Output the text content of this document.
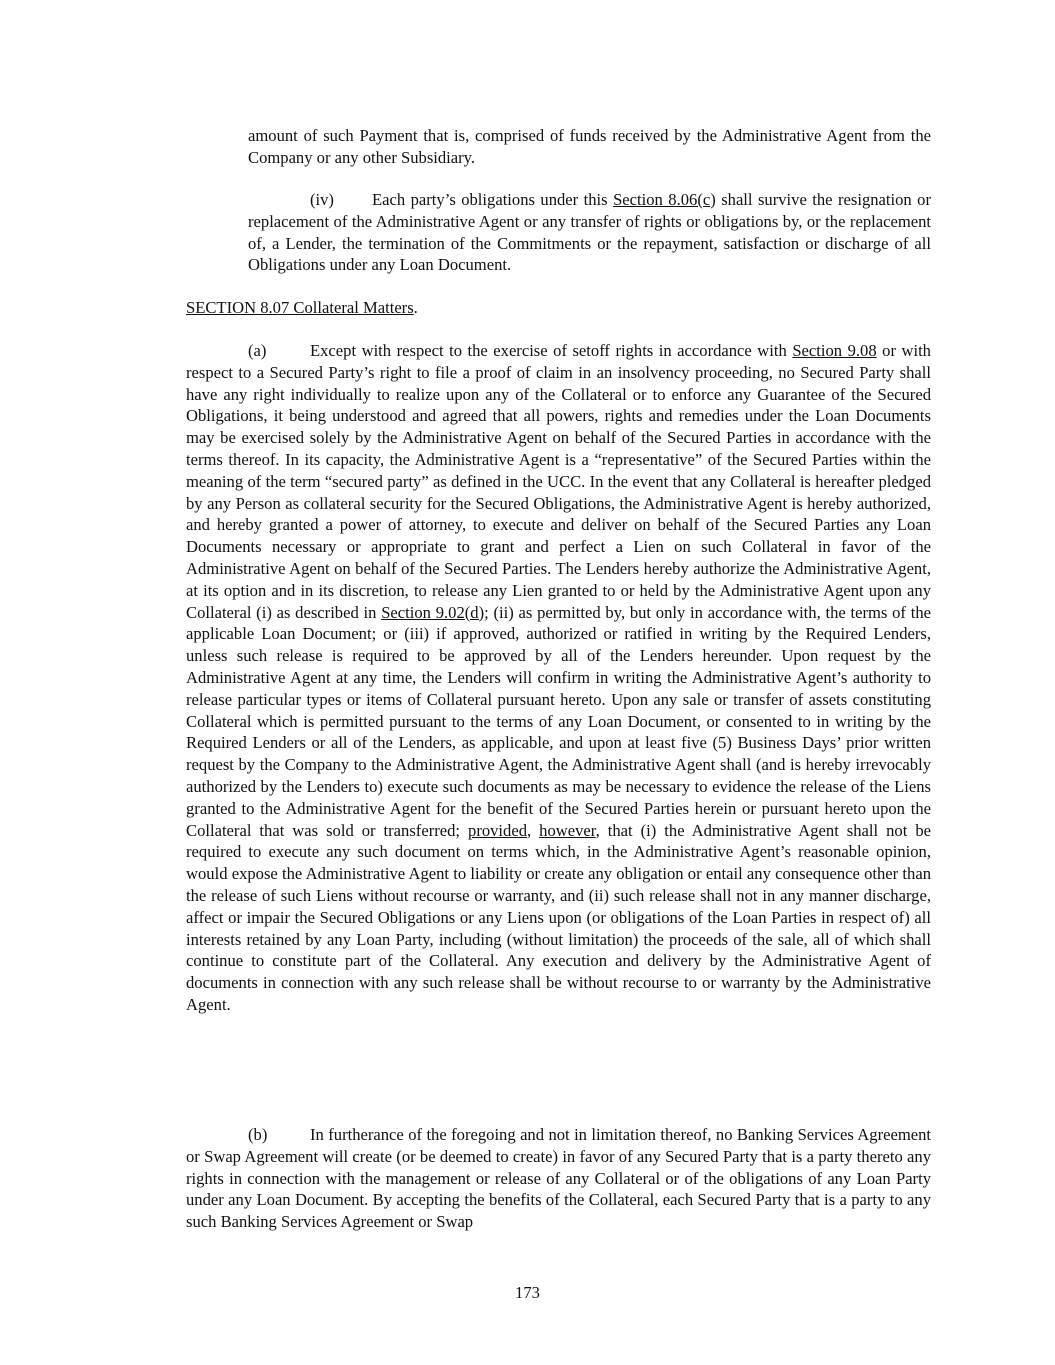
amount of such Payment that is, comprised of funds received by the Administrative Agent from the Company or any other Subsidiary.

(iv) Each party’s obligations under this Section 8.06(c) shall survive the resignation or replacement of the Administrative Agent or any transfer of rights or obligations by, or the replacement of, a Lender, the termination of the Commitments or the repayment, satisfaction or discharge of all Obligations under any Loan Document.

SECTION 8.07 Collateral Matters.

(a)	Except with respect to the exercise of setoff rights in accordance with Section 9.08 or with respect to a Secured Party’s right to file a proof of claim in an insolvency proceeding, no Secured Party shall have any right individually to realize upon any of the Collateral or to enforce any Guarantee of the Secured Obligations, it being understood and agreed that all powers, rights and remedies under the Loan Documents may be exercised solely by the Administrative Agent on behalf of the Secured Parties in accordance with the terms thereof. In its capacity, the Administrative Agent is a “representative” of the Secured Parties within the meaning of the term “secured party” as defined in the UCC. In the event that any Collateral is hereafter pledged by any Person as collateral security for the Secured Obligations, the Administrative Agent is hereby authorized, and hereby granted a power of attorney, to execute and deliver on behalf of the Secured Parties any Loan Documents necessary or appropriate to grant and perfect a Lien on such Collateral in favor of the Administrative Agent on behalf of the Secured Parties. The Lenders hereby authorize the Administrative Agent, at its option and in its discretion, to release any Lien granted to or held by the Administrative Agent upon any Collateral (i) as described in Section 9.02(d); (ii) as permitted by, but only in accordance with, the terms of the applicable Loan Document; or (iii) if approved, authorized or ratified in writing by the Required Lenders, unless such release is required to be approved by all of the Lenders hereunder. Upon request by the Administrative Agent at any time, the Lenders will confirm in writing the Administrative Agent’s authority to release particular types or items of Collateral pursuant hereto. Upon any sale or transfer of assets constituting Collateral which is permitted pursuant to the terms of any Loan Document, or consented to in writing by the Required Lenders or all of the Lenders, as applicable, and upon at least five (5) Business Days’ prior written request by the Company to the Administrative Agent, the Administrative Agent shall (and is hereby irrevocably authorized by the Lenders to) execute such documents as may be necessary to evidence the release of the Liens granted to the Administrative Agent for the benefit of the Secured Parties herein or pursuant hereto upon the Collateral that was sold or transferred; provided, however, that (i) the Administrative Agent shall not be required to execute any such document on terms which, in the Administrative Agent’s reasonable opinion, would expose the Administrative Agent to liability or create any obligation or entail any consequence other than the release of such Liens without recourse or warranty, and (ii) such release shall not in any manner discharge, affect or impair the Secured Obligations or any Liens upon (or obligations of the Loan Parties in respect of) all interests retained by any Loan Party, including (without limitation) the proceeds of the sale, all of which shall continue to constitute part of the Collateral. Any execution and delivery by the Administrative Agent of documents in connection with any such release shall be without recourse to or warranty by the Administrative Agent.

(b)	In furtherance of the foregoing and not in limitation thereof, no Banking Services Agreement or Swap Agreement will create (or be deemed to create) in favor of any Secured Party that is a party thereto any rights in connection with the management or release of any Collateral or of the obligations of any Loan Party under any Loan Document. By accepting the benefits of the Collateral, each Secured Party that is a party to any such Banking Services Agreement or Swap

173
